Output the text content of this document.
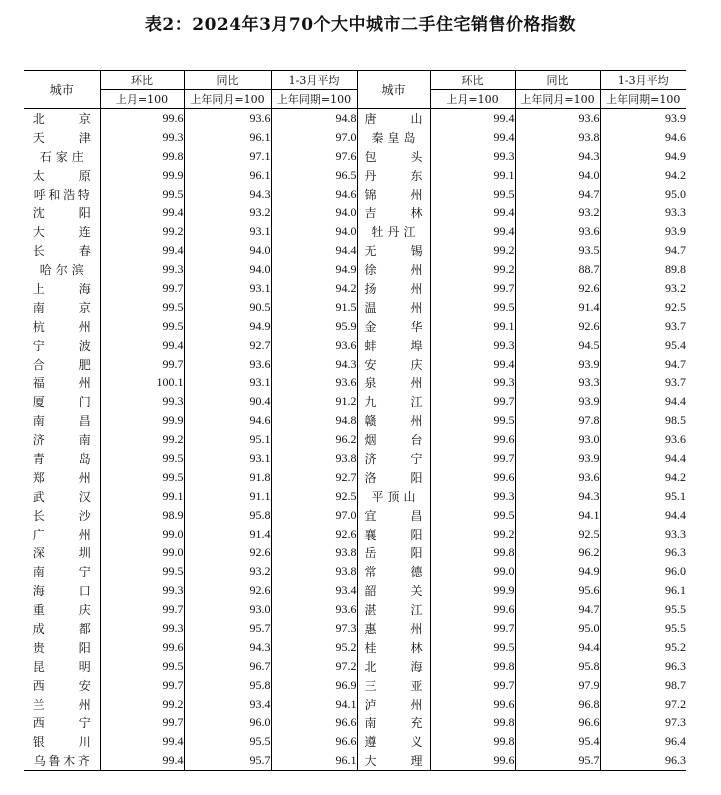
表2：2024年3月70个大中城市二手住宅销售价格指数
城市	环比	同比	1-3月平均	城市	环比	同比	1-3月平均
	上月=100	上年同月=100	上年同期=100		上月=100	上年同月=100	上年同期=100

北 京	99.6	93.6	94.8	唐 山	99.4	93.6	93.9

天 津	99.3	96.1	97.0	秦 皇 岛	99.4	93.8	94.6

石 家 庄	99.8	97.1	97.6	包 头	99.3	94.3	94.9

太 原	99.9	96.1	96.5	丹 东	99.1	94.0	94.2

呼 和 浩 特	99.5	94.3	94.6	锦 州	99.5	94.7	95.0

沈 阳	99.4	93.2	94.0	吉 林	99.4	93.2	93.3

大 连	99.2	93.1	94.0	牡 丹 江	99.4	93.6	93.9

长 春	99.4	94.0	94.4	无 锡	99.2	93.5	94.7

哈 尔 滨	99.3	94.0	94.9	徐 州	99.2	88.7	89.8

上 海	99.7	93.1	94.2	扬 州	99.7	92.6	93.2

南 京	99.5	90.5	91.5	温 州	99.5	91.4	92.5

杭 州	99.5	94.9	95.9	金 华	99.1	92.6	93.7

宁 波	99.4	92.7	93.6	蚌 埠	99.3	94.5	95.4

合 肥	99.7	93.6	94.3	安 庆	99.4	93.9	94.7

福 州	100.1	93.1	93.6	泉 州	99.3	93.3	93.7

厦 门	99.3	90.4	91.2	九 江	99.7	93.9	94.4

南 昌	99.9	94.6	94.8	赣 州	99.5	97.8	98.5

济 南	99.2	95.1	96.2	烟 台	99.6	93.0	93.6

青 岛	99.5	93.1	93.8	济 宁	99.7	93.9	94.4

郑 州	99.5	91.8	92.7	洛 阳	99.6	93.6	94.2

武 汉	99.1	91.1	92.5	平 顶 山	99.3	94.3	95.1

长 沙	98.9	95.8	97.0	宜 昌	99.5	94.1	94.4

广 州	99.0	91.4	92.6	襄 阳	99.2	92.5	93.3

深 圳	99.0	92.6	93.8	岳 阳	99.8	96.2	96.3

南 宁	99.5	93.2	93.8	常 德	99.0	94.9	96.0

海 口	99.3	92.6	93.4	韶 关	99.9	95.6	96.1

重 庆	99.7	93.0	93.6	湛 江	99.6	94.7	95.5

成 都	99.3	95.7	97.3	惠 州	99.7	95.0	95.5

贵 阳	99.6	94.3	95.2	桂 林	99.5	94.4	95.2

昆 明	99.5	96.7	97.2	北 海	99.8	95.8	96.3

西 安	99.7	95.8	96.9	三 亚	99.7	97.9	98.7

兰 州	99.2	93.4	94.1	泸 州	99.6	96.8	97.2

西 宁	99.7	96.0	96.6	南 充	99.8	96.6	97.3

银 川	99.4	95.5	96.6	遵 义	99.8	95.4	96.4

乌 鲁 木 齐	99.4	95.7	96.1	大 理	99.6	95.7	96.3
